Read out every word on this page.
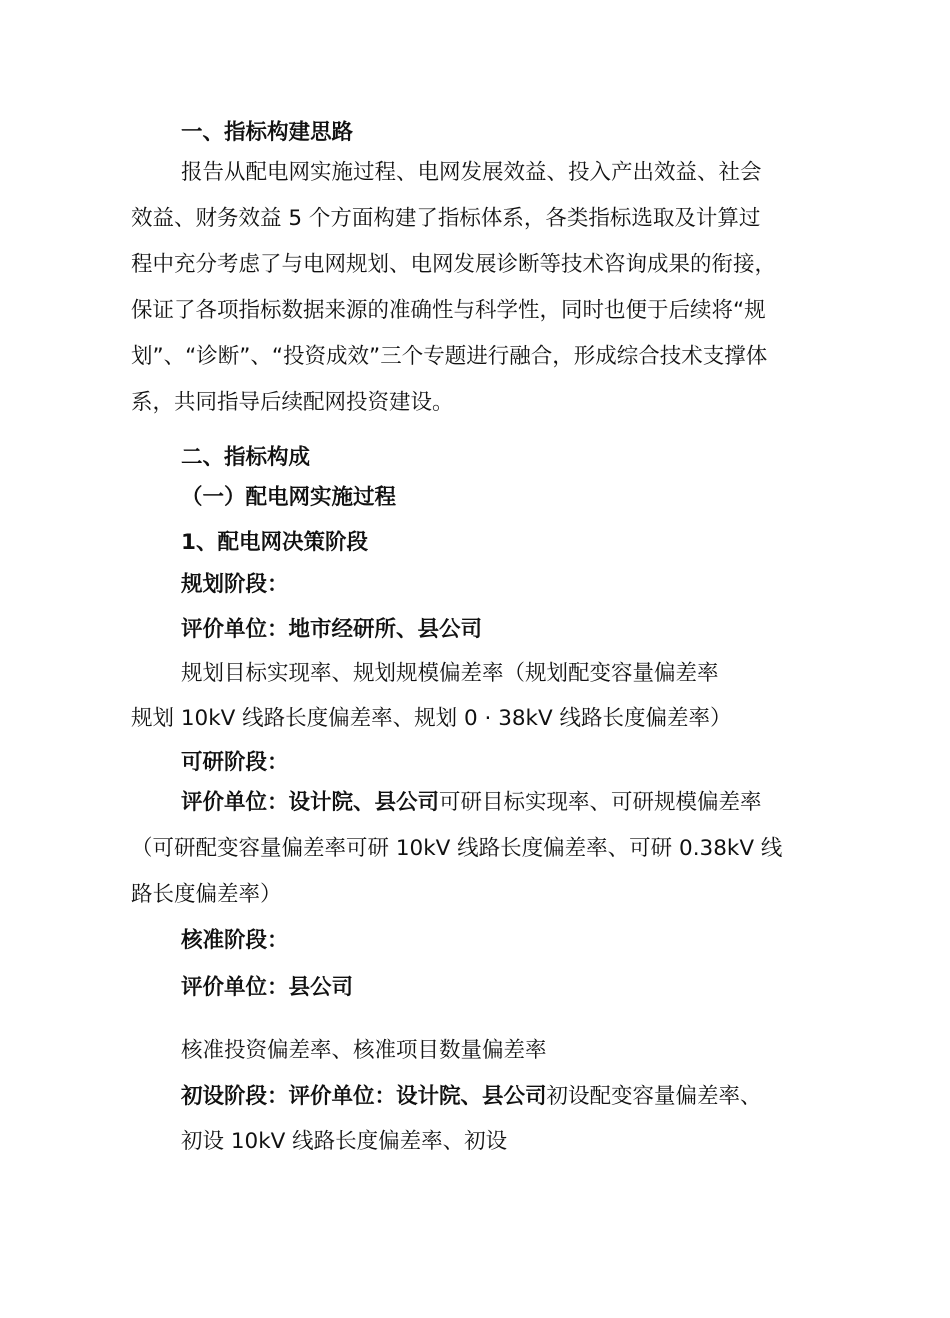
一、指标构建思路

报告从配电网实施过程、电网发展效益、投入产出效益、社会

效益、财务效益 5 个方面构建了指标体系，各类指标选取及计算过

程中充分考虑了与电网规划、电网发展诊断等技术咨询成果的衔接，

保证了各项指标数据来源的准确性与科学性，同时也便于后续将“规

划”、“诊断”、“投资成效”三个专题进行融合，形成综合技术支撑体

系，共同指导后续配网投资建设。

二、指标构成

（一）配电网实施过程

1、配电网决策阶段

规划阶段：

评价单位：地市经研所、县公司

规划目标实现率、规划规模偏差率（规划配变容量偏差率

规划 10kV 线路长度偏差率、规划 0 · 38kV 线路长度偏差率）

可研阶段：

评价单位：设计院、县公司可研目标实现率、可研规模偏差率

（可研配变容量偏差率可研 10kV 线路长度偏差率、可研 0.38kV 线

路长度偏差率）

核准阶段：

评价单位：县公司

核准投资偏差率、核准项目数量偏差率

初设阶段：评价单位：设计院、县公司初设配变容量偏差率、

初设 10kV 线路长度偏差率、初设
